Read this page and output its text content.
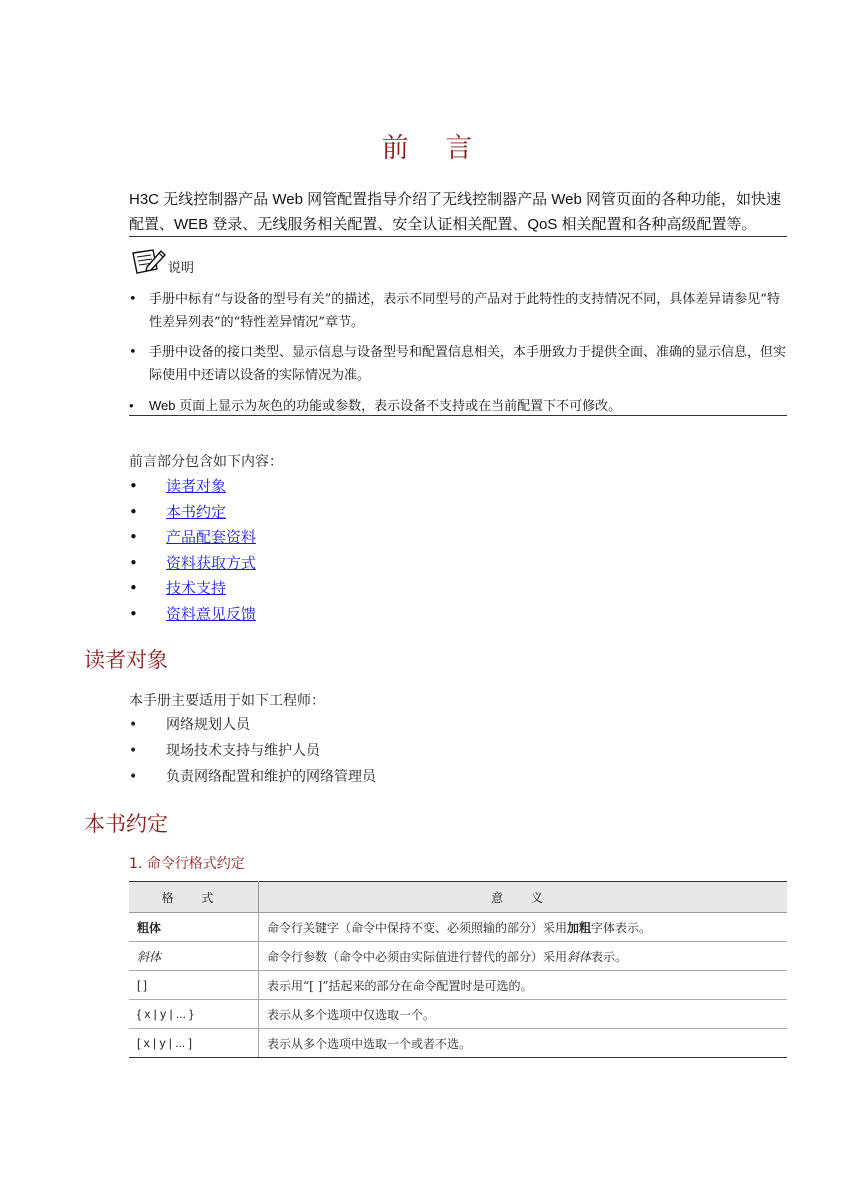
前 言
H3C 无线控制器产品 Web 网管配置指导介绍了无线控制器产品 Web 网管页面的各种功能，如快速配置、WEB 登录、无线服务相关配置、安全认证相关配置、QoS 相关配置和各种高级配置等。
说明
• 手册中标有“与设备的型号有关”的描述，表示不同型号的产品对于此特性的支持情况不同，具体差异请参见“特性差异列表”的“特性差异情况”章节。
• 手册中设备的接口类型、显示信息与设备型号和配置信息相关，本手册致力于提供全面、准确的显示信息，但实际使用中还请以设备的实际情况为准。
• Web 页面上显示为灰色的功能或参数，表示设备不支持或在当前配置下不可修改。
前言部分包含如下内容：
• 读者对象
• 本书约定
• 产品配套资料
• 资料获取方式
• 技术支持
• 资料意见反馈
读者对象
本手册主要适用于如下工程师：
• 网络规划人员
• 现场技术支持与维护人员
• 负责网络配置和维护的网络管理员
本书约定
1. 命令行格式约定
格 式	意 义
粗体	命令行关键字（命令中保持不变、必须照输的部分）采用加粗字体表示。
斜体	命令行参数（命令中必须由实际值进行替代的部分）采用斜体表示。
[ ]	表示用“[ ]”括起来的部分在命令配置时是可选的。
{ x | y | ... }	表示从多个选项中仅选取一个。
[ x | y | ... ]	表示从多个选项中选取一个或者不选。
